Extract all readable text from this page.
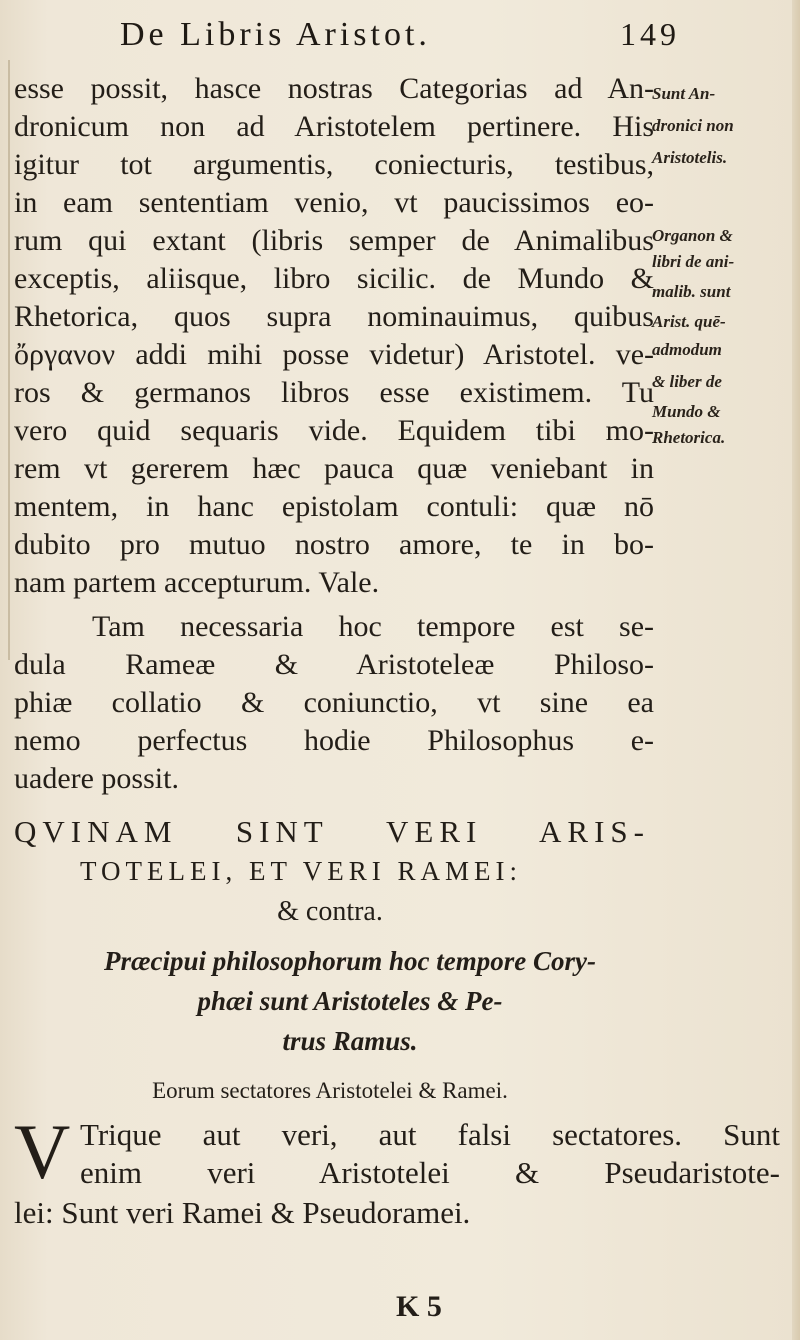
De Libris Aristot.	149
esse possit, hasce nostras Categorias ad An-
dronicum non ad Aristotelem pertinere. His
igitur tot argumentis, coniecturis, testibus,
in eam sententiam venio, vt paucissimos eo-
rum qui extant (libris semper de Animalibus
exceptis, aliisque, libro sicilic. de Mundo &
Rhetorica, quos supra nominauimus, quibus
ὄργανον addi mihi posse videtur) Aristotel. ve-
ros & germanos libros esse existimem. Tu
vero quid sequaris vide. Equidem tibi mo-
rem vt gererem hæc pauca quæ veniebant in
mentem, in hanc epistolam contuli: quæ nō
dubito pro mutuo nostro amore, te in bo-
nam partem accepturum. Vale.
Sunt An-
dronici non
Aristotelis.
Organon &
libri de ani-
malib. sunt
Arist. quē-
admodum
& liber de
Mundo &
Rhetorica.
Tam necessaria hoc tempore est se-
dula Rameæ & Aristoteleæ Philoso-
phiæ collatio & coniunctio, vt sine ea
nemo perfectus hodie Philosophus e-
uadere possit.
QVINAM SINT VERI ARIS-
TOTELEI, ET VERI RAMEI:
& contra.
Præcipui philosophorum hoc tempore Cory-
phæi sunt Aristoteles & Pe-
trus Ramus.
Eorum sectatores Aristotelei & Ramei.
V Trique aut veri, aut falsi sectatores. Sunt
enim veri Aristotelei & Pseudaristote-
lei: Sunt veri Ramei & Pseudoramei.
K 5
